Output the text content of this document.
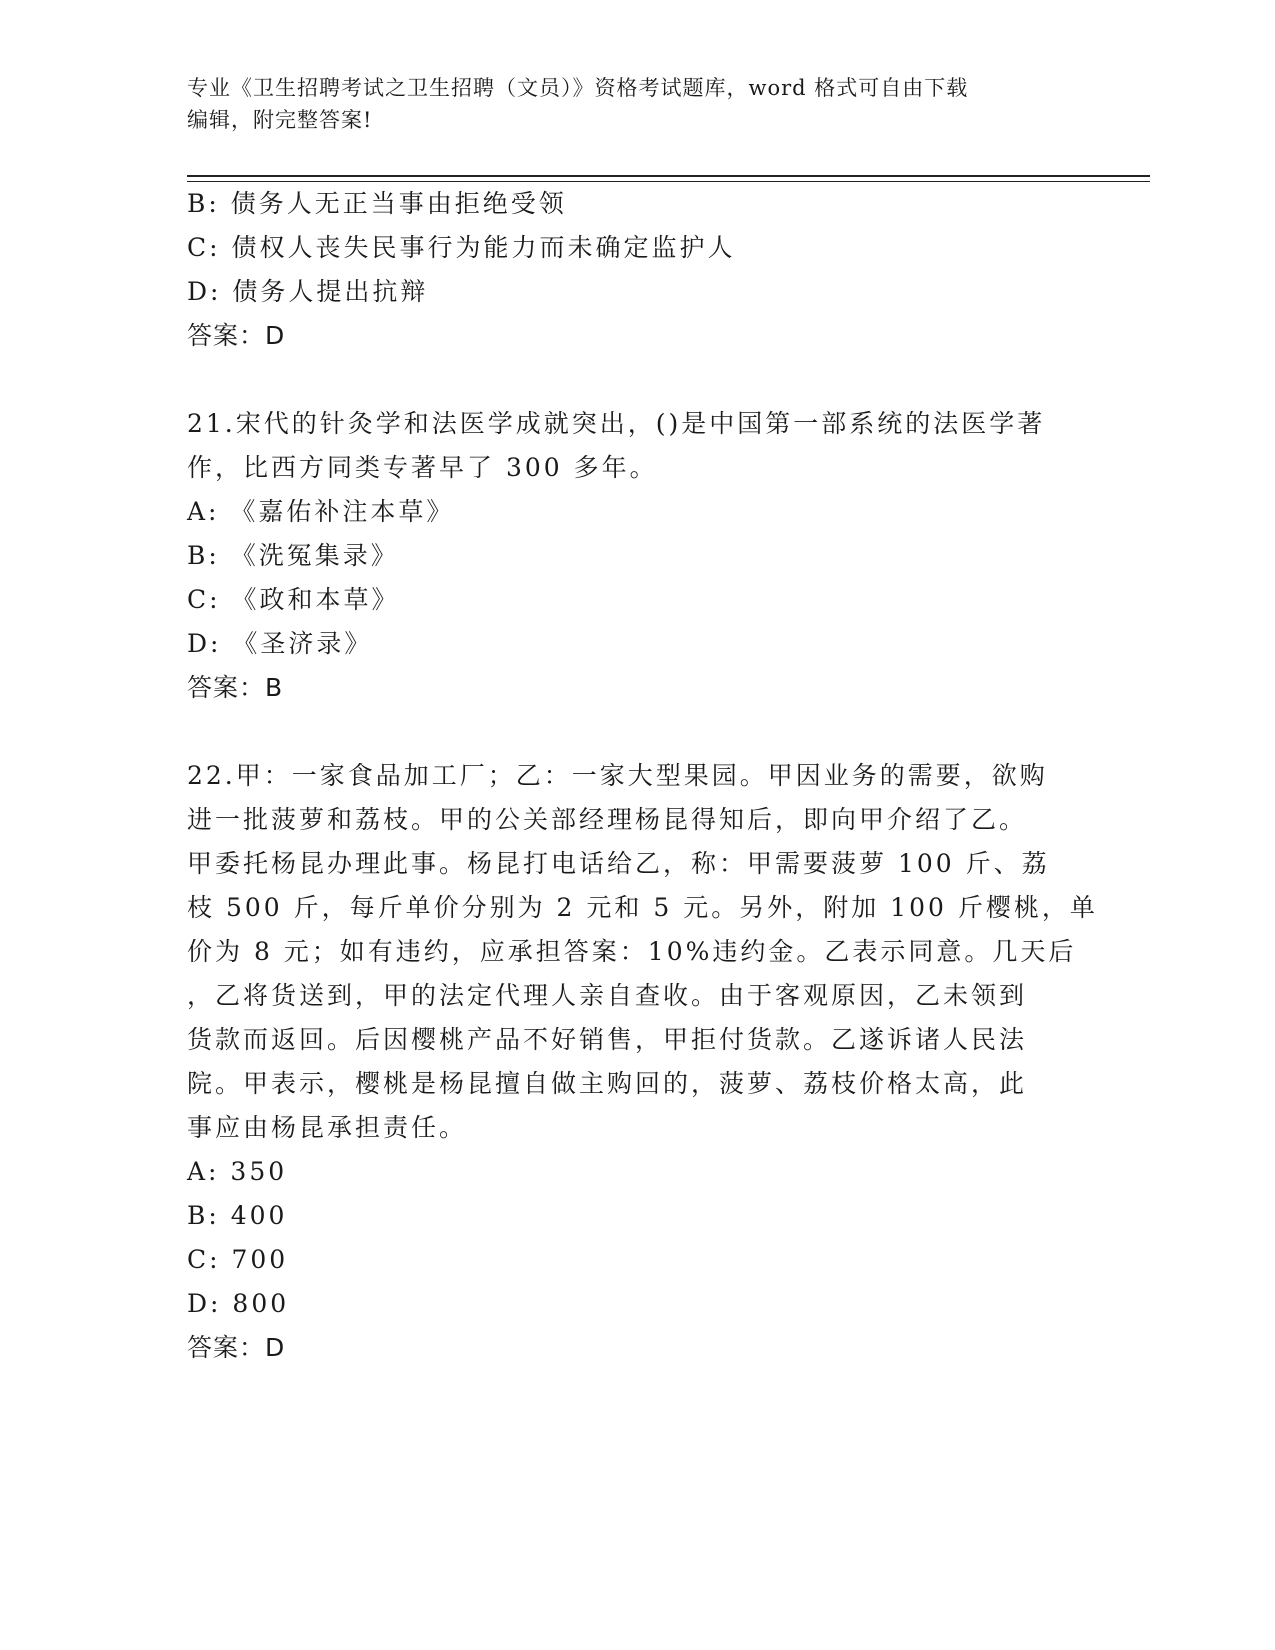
专业《卫生招聘考试之卫生招聘（文员）》资格考试题库，word 格式可自由下载
编辑，附完整答案!
B: 债务人无正当事由拒绝受领
C: 债权人丧失民事行为能力而未确定监护人
D: 债务人提出抗辩
答案：D
21.宋代的针灸学和法医学成就突出，()是中国第一部系统的法医学著
作，比西方同类专著早了 300 多年。
A: 《嘉佑补注本草》
B: 《洗冤集录》
C: 《政和本草》
D: 《圣济录》
答案：B
22.甲：一家食品加工厂；乙：一家大型果园。甲因业务的需要，欲购
进一批菠萝和荔枝。甲的公关部经理杨昆得知后，即向甲介绍了乙。
甲委托杨昆办理此事。杨昆打电话给乙，称：甲需要菠萝 100 斤、荔
枝 500 斤，每斤单价分别为 2 元和 5 元。另外，附加 100 斤樱桃，单
价为 8 元；如有违约，应承担答案：10%违约金。乙表示同意。几天后
，乙将货送到，甲的法定代理人亲自查收。由于客观原因，乙未领到
货款而返回。后因樱桃产品不好销售，甲拒付货款。乙遂诉诸人民法
院。甲表示，樱桃是杨昆擅自做主购回的，菠萝、荔枝价格太高，此
事应由杨昆承担责任。
A: 350
B: 400
C: 700
D: 800
答案：D
